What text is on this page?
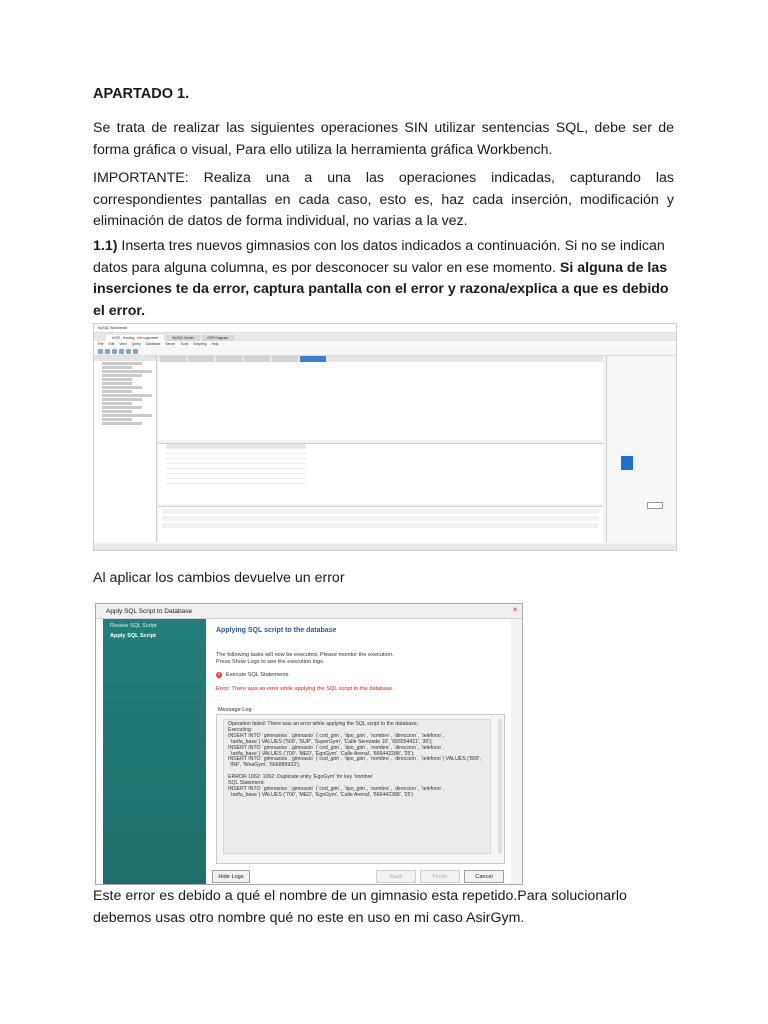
APARTADO 1.

Se trata de realizar las siguientes operaciones SIN utilizar sentencias SQL, debe ser de forma gráfica o visual, Para ello utiliza la herramienta gráfica Workbench.

IMPORTANTE: Realiza una a una las operaciones indicadas, capturando las correspondientes pantallas en cada caso, esto es, haz cada inserción, modificación y eliminación de datos de forma individual, no varias a la vez.

1.1) Inserta tres nuevos gimnasios con los datos indicados a continuación. Si no se indican datos para alguna columna, es por desconocer su valor en ese momento. Si alguna de las inserciones te da error, captura pantalla con el error y razona/explica a que es debido el error.

MySQL Workbench
ASIR - Hosting - not supported	MySQL Model	EER Diagram
File Edit View Query Database Server Tools Scripting Help

Al aplicar los cambios devuelve un error

Apply SQL Script to Database	✕
Review SQL Script
Apply SQL Script
Applying SQL script to the database
The following tasks will now be executed. Please monitor the execution.
Press Show Logs to see the execution logs.
✕ Execute SQL Statements
Error: There was an error while applying the SQL script to the database.
Message Log
Operation failed: There was an error while applying the SQL script to the database.
Executing:
INSERT INTO `gimnasios`.`gimnasio` (`cod_gim`, `tipo_gim`, `nombre`, `direccion`, `telefono`,
`tarifa_base`) VALUES ('500', 'SUP', 'SuperGym', 'Calle Serezade 10', '666554411', '30');
INSERT INTO `gimnasios`.`gimnasio` (`cod_gim`, `tipo_gim`, `nombre`, `direccion`, `telefono`,
`tarifa_base`) VALUES ('700', 'MED', 'EgoGym', 'Calle Arenal', '666442288', '25');
INSERT INTO `gimnasios`.`gimnasio` (`cod_gim`, `tipo_gim`, `nombre`, `direccion`, `telefono`) VALUES ('800',
'INF', 'WeaGym', '666889933');

ERROR 1062: 1062: Duplicate entry 'EgoGym' for key 'nombre'
SQL Statement:
INSERT INTO `gimnasios`.`gimnasio` (`cod_gim`, `tipo_gim`, `nombre`, `direccion`, `telefono`,
`tarifa_base`) VALUES ('700', 'MED', 'EgoGym', 'Calle Arenal', '666442288', '25')
Hide Logs	Back	Finish	Cancel

Este error es debido a qué el nombre de un gimnasio esta repetido.Para solucionarlo debemos usas otro nombre qué no este en uso en mi caso AsirGym.
